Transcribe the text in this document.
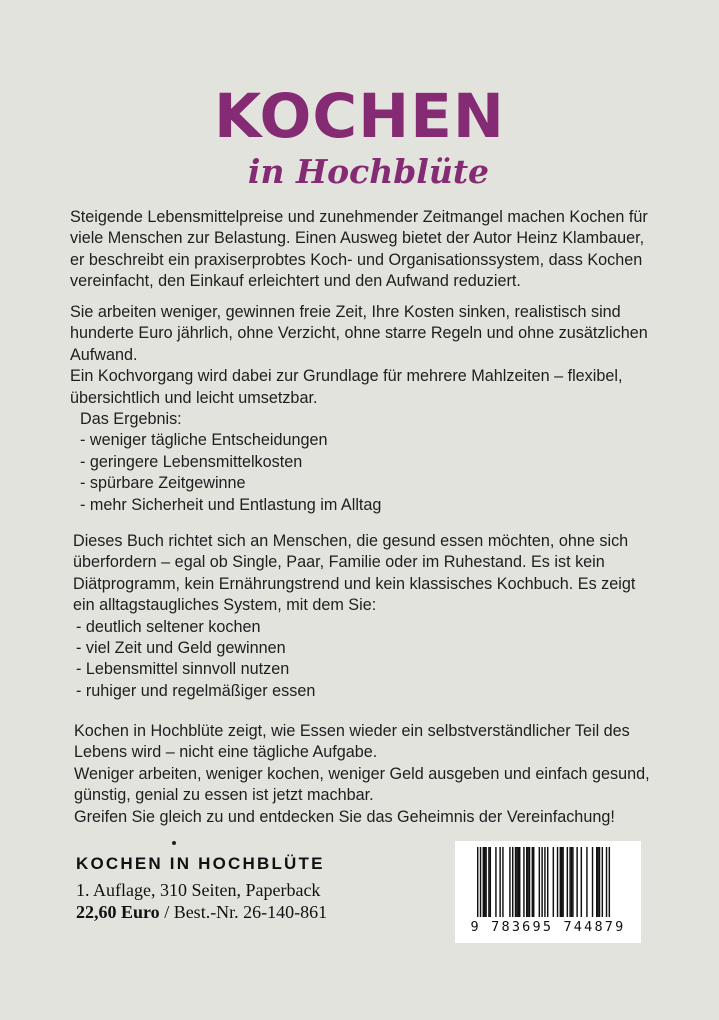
KOCHEN
in Hochblüte

Steigende Lebensmittelpreise und zunehmender Zeitmangel machen Kochen für viele Menschen zur Belastung. Einen Ausweg bietet der Autor Heinz Klambauer, er beschreibt ein praxiserprobtes Koch- und Organisationssystem, dass Kochen vereinfacht, den Einkauf erleichtert und den Aufwand reduziert.

Sie arbeiten weniger, gewinnen freie Zeit, Ihre Kosten sinken, realistisch sind hunderte Euro jährlich, ohne Verzicht, ohne starre Regeln und ohne zusätzlichen Aufwand.

Ein Kochvorgang wird dabei zur Grundlage für mehrere Mahlzeiten – flexibel, übersichtlich und leicht umsetzbar.

Das Ergebnis:

- weniger tägliche Entscheidungen
- geringere Lebensmittelkosten
- spürbare Zeitgewinne
- mehr Sicherheit und Entlastung im Alltag

Dieses Buch richtet sich an Menschen, die gesund essen möchten, ohne sich überfordern – egal ob Single, Paar, Familie oder im Ruhestand. Es ist kein Diätprogramm, kein Ernährungstrend und kein klassisches Kochbuch. Es zeigt ein alltagstaugliches System, mit dem Sie:

- deutlich seltener kochen
- viel Zeit und Geld gewinnen
- Lebensmittel sinnvoll nutzen
- ruhiger und regelmäßiger essen

Kochen in Hochblüte zeigt, wie Essen wieder ein selbstverständlicher Teil des Lebens wird – nicht eine tägliche Aufgabe.

Weniger arbeiten, weniger kochen, weniger Geld ausgeben und einfach gesund, günstig, genial zu essen ist jetzt machbar.

Greifen Sie gleich zu und entdecken Sie das Geheimnis der Vereinfachung!

KOCHEN IN HOCHBLÜTE
1. Auflage, 310 Seiten, Paperback
22,60 Euro / Best.-Nr. 26-140-861
9 783695 744879
